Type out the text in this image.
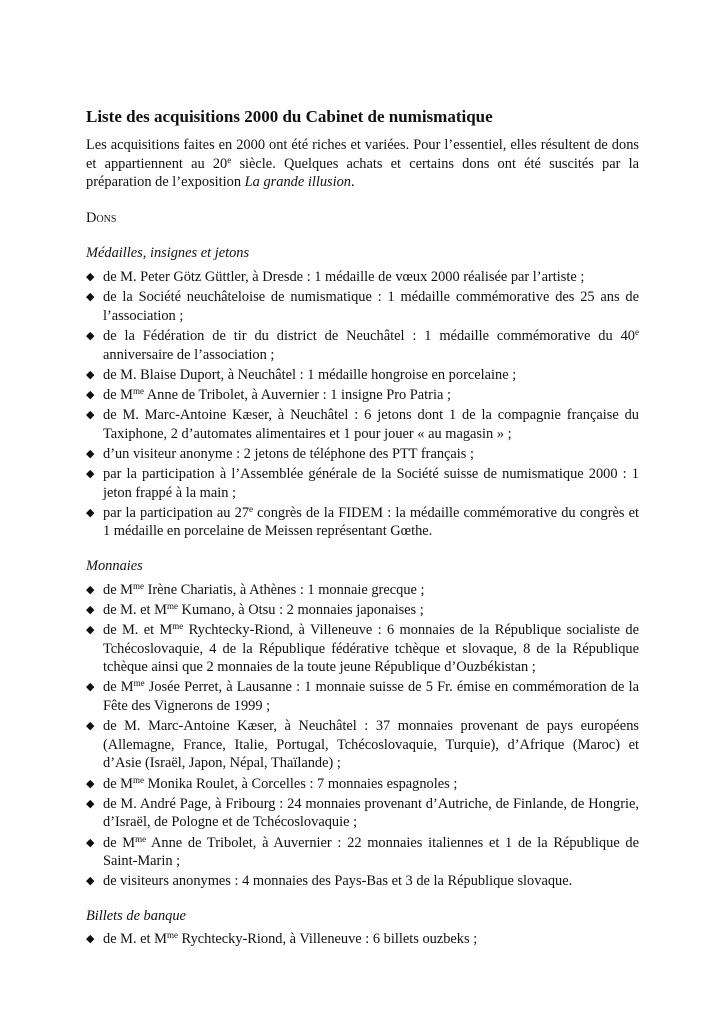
Liste des acquisitions 2000 du Cabinet de numismatique

Les acquisitions faites en 2000 ont été riches et variées. Pour l’essentiel, elles résultent de dons et appartiennent au 20e siècle. Quelques achats et certains dons ont été suscités par la préparation de l’exposition La grande illusion.

Dons
Médailles, insignes et jetons
◆ de M. Peter Götz Güttler, à Dresde : 1 médaille de vœux 2000 réalisée par l’artiste ;
◆ de la Société neuchâteloise de numismatique : 1 médaille commémorative des 25 ans de l’association ;
◆ de la Fédération de tir du district de Neuchâtel : 1 médaille commémorative du 40e anniversaire de l’association ;
◆ de M. Blaise Duport, à Neuchâtel : 1 médaille hongroise en porcelaine ;
◆ de $M^{me}$ Anne de Tribolet, à Auvernier : 1 insigne Pro Patria ;
◆ de M. Marc-Antoine Kæser, à Neuchâtel : 6 jetons dont 1 de la compagnie française du Taxiphone, 2 d’automates alimentaires et 1 pour jouer « au magasin » ;
◆ d’un visiteur anonyme : 2 jetons de téléphone des PTT français ;
◆ par la participation à l’Assemblée générale de la Société suisse de numismatique 2000 : 1 jeton frappé à la main ;
◆ par la participation au 27e congrès de la FIDEM : la médaille commémorative du congrès et 1 médaille en porcelaine de Meissen représentant Gœthe.
Monnaies
◆ de $M^{me}$ Irène Chariatis, à Athènes : 1 monnaie grecque ;
◆ de M. et $M^{me}$ Kumano, à Otsu : 2 monnaies japonaises ;
◆ de M. et $M^{me}$ Rychtecky-Riond, à Villeneuve : 6 monnaies de la République socialiste de Tchécoslovaquie, 4 de la République fédérative tchèque et slovaque, 8 de la République tchèque ainsi que 2 monnaies de la toute jeune République d’Ouzbékistan ;
◆ de $M^{me}$ Josée Perret, à Lausanne : 1 monnaie suisse de 5 Fr. émise en commémoration de la Fête des Vignerons de 1999 ;
◆ de M. Marc-Antoine Kæser, à Neuchâtel : 37 monnaies provenant de pays européens (Allemagne, France, Italie, Portugal, Tchécoslovaquie, Turquie), d’Afrique (Maroc) et d’Asie (Israël, Japon, Népal, Thaïlande) ;
◆ de $M^{me}$ Monika Roulet, à Corcelles : 7 monnaies espagnoles ;
◆ de M. André Page, à Fribourg : 24 monnaies provenant d’Autriche, de Finlande, de Hongrie, d’Israël, de Pologne et de Tchécoslovaquie ;
◆ de $M^{me}$ Anne de Tribolet, à Auvernier : 22 monnaies italiennes et 1 de la République de Saint-Marin ;
◆ de visiteurs anonymes : 4 monnaies des Pays-Bas et 3 de la République slovaque.
Billets de banque
◆ de M. et $M^{me}$ Rychtecky-Riond, à Villeneuve : 6 billets ouzbeks ;
